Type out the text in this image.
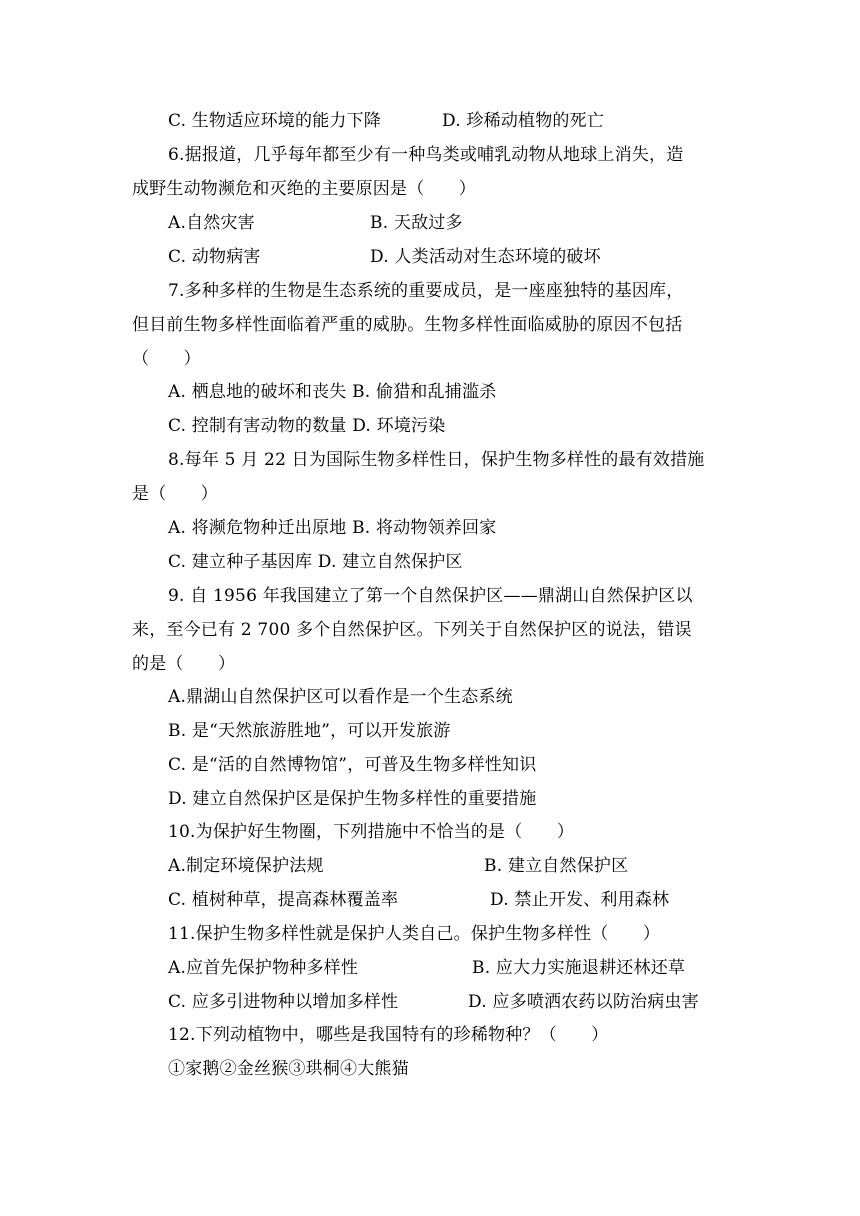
C. 生物适应环境的能力下降	D. 珍稀动植物的死亡
6.据报道，几乎每年都至少有一种鸟类或哺乳动物从地球上消失，造
成野生动物濒危和灭绝的主要原因是（　　）
A.自然灾害	B. 天敌过多
C. 动物病害	D. 人类活动对生态环境的破坏
7.多种多样的生物是生态系统的重要成员，是一座座独特的基因库，
但目前生物多样性面临着严重的威胁。生物多样性面临威胁的原因不包括
（　　）
A. 栖息地的破坏和丧失 B. 偷猎和乱捕滥杀
C. 控制有害动物的数量 D. 环境污染
8.每年 5 月 22 日为国际生物多样性日，保护生物多样性的最有效措施
是（　　）
A. 将濒危物种迁出原地 B. 将动物领养回家
C. 建立种子基因库 D. 建立自然保护区
9. 自 1956 年我国建立了第一个自然保护区——鼎湖山自然保护区以
来，至今已有 2 700 多个自然保护区。下列关于自然保护区的说法，错误
的是（　　）
A.鼎湖山自然保护区可以看作是一个生态系统
B. 是“天然旅游胜地”，可以开发旅游
C. 是“活的自然博物馆”，可普及生物多样性知识
D. 建立自然保护区是保护生物多样性的重要措施
10.为保护好生物圈，下列措施中不恰当的是（　　）
A.制定环境保护法规	B. 建立自然保护区
C. 植树种草，提高森林覆盖率	D. 禁止开发、利用森林
11.保护生物多样性就是保护人类自己。保护生物多样性（　　）
A.应首先保护物种多样性	B. 应大力实施退耕还林还草
C. 应多引进物种以增加多样性	D. 应多喷洒农药以防治病虫害
12.下列动植物中，哪些是我国特有的珍稀物种？（　　）
①家鹅②金丝猴③珙桐④大熊猫
